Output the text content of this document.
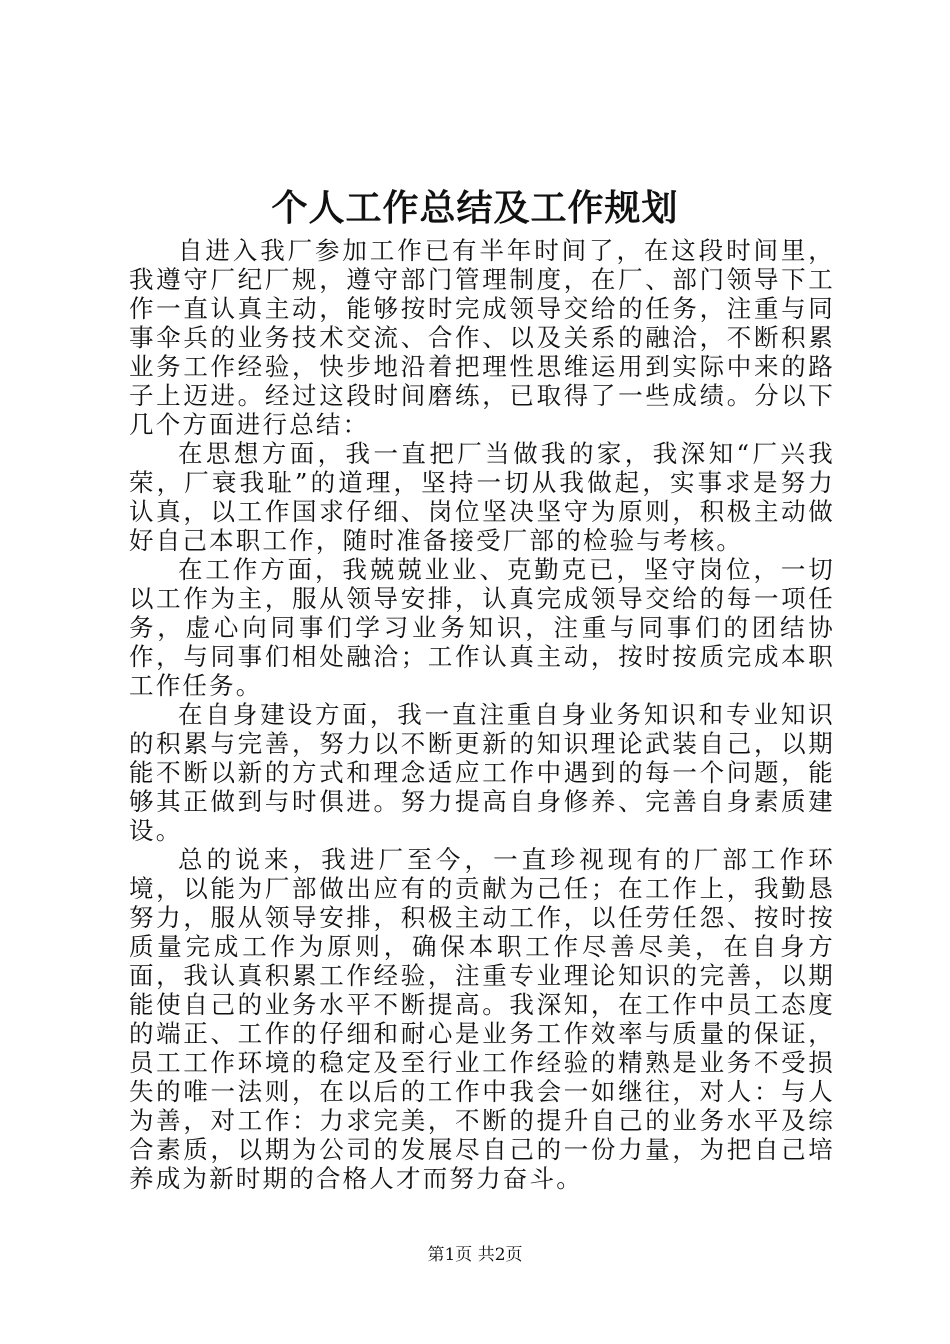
个人工作总结及工作规划

自进入我厂参加工作已有半年时间了，在这段时间里，我遵守厂纪厂规，遵守部门管理制度，在厂、部门领导下工作一直认真主动，能够按时完成领导交给的任务，注重与同事伞兵的业务技术交流、合作、以及关系的融洽，不断积累业务工作经验，快步地沿着把理性思维运用到实际中来的路子上迈进。经过这段时间磨练，已取得了一些成绩。分以下几个方面进行总结：

在思想方面，我一直把厂当做我的家，我深知“厂兴我荣，厂衰我耻”的道理，坚持一切从我做起，实事求是努力认真，以工作国求仔细、岗位坚决坚守为原则，积极主动做好自己本职工作，随时准备接受厂部的检验与考核。

在工作方面，我兢兢业业、克勤克已，坚守岗位，一切以工作为主，服从领导安排，认真完成领导交给的每一项任务，虚心向同事们学习业务知识，注重与同事们的团结协作，与同事们相处融洽；工作认真主动，按时按质完成本职工作任务。

在自身建设方面，我一直注重自身业务知识和专业知识的积累与完善，努力以不断更新的知识理论武装自己，以期能不断以新的方式和理念适应工作中遇到的每一个问题，能够其正做到与时俱进。努力提高自身修养、完善自身素质建设。

总的说来，我进厂至今，一直珍视现有的厂部工作环境，以能为厂部做出应有的贡献为己任；在工作上，我勤恳努力，服从领导安排，积极主动工作，以任劳任怨、按时按质量完成工作为原则，确保本职工作尽善尽美，在自身方面，我认真积累工作经验，注重专业理论知识的完善，以期能使自己的业务水平不断提高。我深知，在工作中员工态度的端正、工作的仔细和耐心是业务工作效率与质量的保证，员工工作环境的稳定及至行业工作经验的精熟是业务不受损失的唯一法则，在以后的工作中我会一如继往，对人：与人为善，对工作：力求完美，不断的提升自己的业务水平及综合素质，以期为公司的发展尽自己的一份力量，为把自己培养成为新时期的合格人才而努力奋斗。

第1页 共2页
